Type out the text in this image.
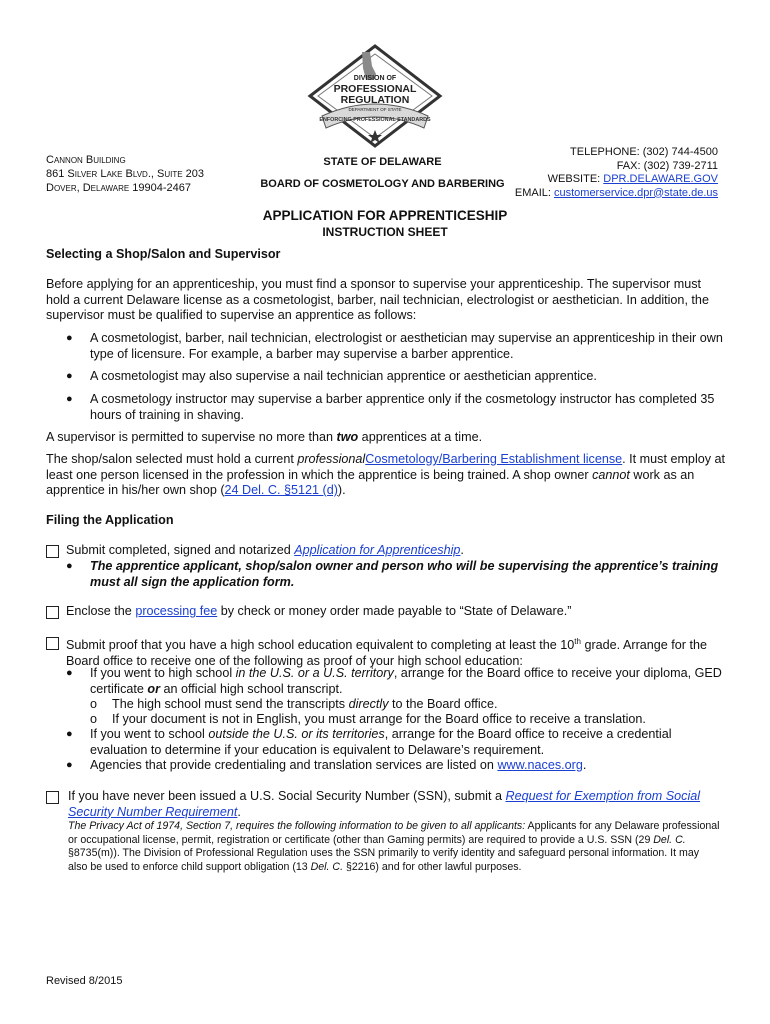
DIVISION OF
PROFESSIONAL
REGULATION
DEPARTMENT OF STATE
ENFORCING PROFESSIONAL STANDARDS
Cannon Building
861 Silver Lake Blvd., Suite 203
Dover, Delaware 19904-2467
STATE OF DELAWARE
BOARD OF COSMETOLOGY AND BARBERING
TELEPHONE: (302) 744-4500
FAX: (302) 739-2711
WEBSITE: DPR.DELAWARE.GOV
EMAIL: customerservice.dpr@state.de.us
APPLICATION FOR APPRENTICESHIP
INSTRUCTION SHEET
Selecting a Shop/Salon and Supervisor
Before applying for an apprenticeship, you must find a sponsor to supervise your apprenticeship. The supervisor must hold a current Delaware license as a cosmetologist, barber, nail technician, electrologist or aesthetician. In addition, the supervisor must be qualified to supervise an apprentice as follows:
● A cosmetologist, barber, nail technician, electrologist or aesthetician may supervise an apprenticeship in their own type of licensure. For example, a barber may supervise a barber apprentice.
● A cosmetologist may also supervise a nail technician apprentice or aesthetician apprentice.
● A cosmetology instructor may supervise a barber apprentice only if the cosmetology instructor has completed 35 hours of training in shaving.
A supervisor is permitted to supervise no more than two apprentices at a time.
The shop/salon selected must hold a current professionalCosmetology/Barbering Establishment license. It must employ at least one person licensed in the profession in which the apprentice is being trained. A shop owner cannot work as an apprentice in his/her own shop (24 Del. C. §5121 (d)).
Filing the Application
Submit completed, signed and notarized Application for Apprenticeship.
● The apprentice applicant, shop/salon owner and person who will be supervising the apprentice’s training must all sign the application form.
Enclose the processing fee by check or money order made payable to “State of Delaware.”
Submit proof that you have a high school education equivalent to completing at least the 10th grade. Arrange for the Board office to receive one of the following as proof of your high school education:
● If you went to high school in the U.S. or a U.S. territory, arrange for the Board office to receive your diploma, GED certificate or an official high school transcript.
o The high school must send the transcripts directly to the Board office.
o If your document is not in English, you must arrange for the Board office to receive a translation.
● If you went to school outside the U.S. or its territories, arrange for the Board office to receive a credential evaluation to determine if your education is equivalent to Delaware’s requirement.
● Agencies that provide credentialing and translation services are listed on www.naces.org.
If you have never been issued a U.S. Social Security Number (SSN), submit a Request for Exemption from Social Security Number Requirement.
The Privacy Act of 1974, Section 7, requires the following information to be given to all applicants: Applicants for any Delaware professional or occupational license, permit, registration or certificate (other than Gaming permits) are required to provide a U.S. SSN (29 Del. C. §8735(m)). The Division of Professional Regulation uses the SSN primarily to verify identity and safeguard personal information. It may also be used to enforce child support obligation (13 Del. C. §2216) and for other lawful purposes.
Revised 8/2015
